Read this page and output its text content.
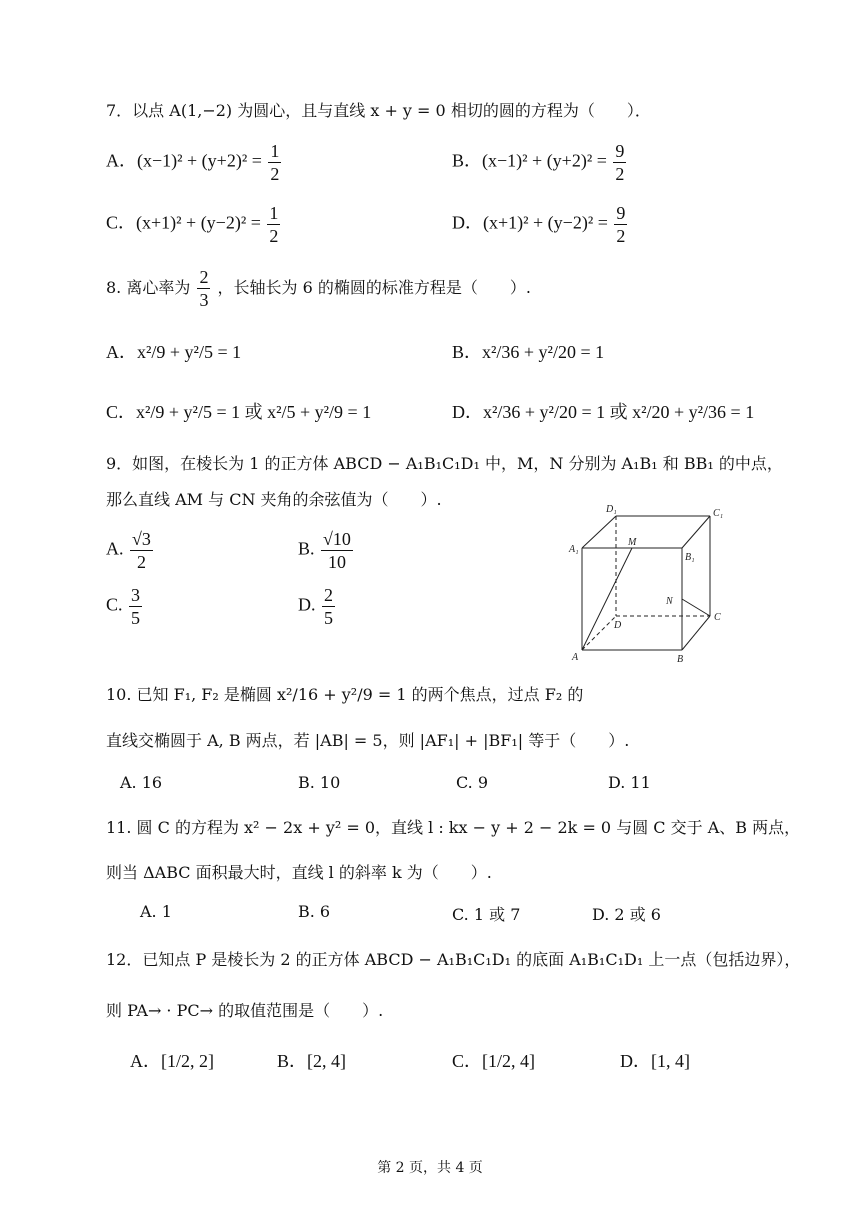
7．以点 A(1,−2) 为圆心，且与直线 x + y = 0 相切的圆的方程为（　　）．
A．$(x-1)^2 + (y+2)^2 = \frac{1}{2}$	B．$(x-1)^2 + (y+2)^2 = \frac{9}{2}$
C．$(x+1)^2 + (y-2)^2 = \frac{1}{2}$	D．$(x+1)^2 + (y-2)^2 = \frac{9}{2}$
8. 离心率为 $\frac{2}{3}$ ，长轴长为 6 的椭圆的标准方程是（　　）.
A．x²/9 + y²/5 = 1	B．x²/36 + y²/20 = 1
C．x²/9 + y²/5 = 1 或 x²/5 + y²/9 = 1	D．x²/36 + y²/20 = 1 或 x²/20 + y²/36 = 1
9．如图，在棱长为 1 的正方体 ABCD − A₁B₁C₁D₁ 中，M，N 分别为 A₁B₁ 和 BB₁ 的中点，
那么直线 AM 与 CN 夹角的余弦值为（　　）.
A. $\frac{√3}{2}$	B. $\frac{√10}{10}$
C. $\frac{3}{5}$	D. $\frac{2}{5}$
D₁	C₁
A₁
B₁
M
N
D
C
A	B
10. 已知 F₁, F₂ 是椭圆 x²/16 + y²/9 = 1 的两个焦点，过点 F₂ 的
直线交椭圆于 A, B 两点，若 |AB| = 5，则 |AF₁| + |BF₁| 等于（　　）.
A. 16	B. 10	C. 9	D. 11
11. 圆 C 的方程为 x² − 2x + y² = 0，直线 l : kx − y + 2 − 2k = 0 与圆 C 交于 A、B 两点，
则当 ΔABC 面积最大时，直线 l 的斜率 k 为（　　）.
A. 1	B. 6	C. 1 或 7	D. 2 或 6
12．已知点 P 是棱长为 2 的正方体 ABCD − A₁B₁C₁D₁ 的底面 A₁B₁C₁D₁ 上一点（包括边界），
则 PA→ · PC→ 的取值范围是（　　）.
A．[1/2, 2]	B．[2, 4]	C．[1/2, 4]	D．[1, 4]
第 2 页，共 4 页
